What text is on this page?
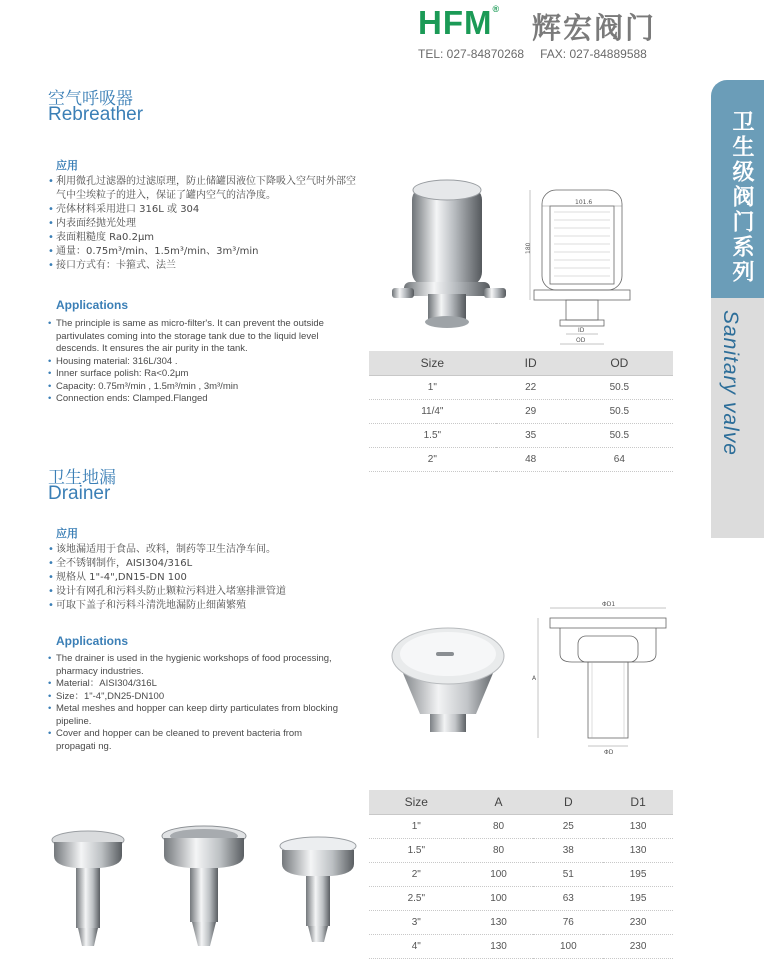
HFM®
辉宏阀门
TEL: 027-84870268 FAX: 027-84889588
卫生级阀门系列
Sanitary valve
空气呼吸器
Rebreather
应用
• 利用微孔过滤器的过滤原理，防止储罐因液位下降吸入空气时外部空气中尘埃粒子的进入，保证了罐内空气的洁净度。
• 壳体材料采用进口 316L 或 304
• 内表面经抛光处理
• 表面粗糙度 Ra0.2μm
• 通量：0.75m³/min、1.5m³/min、3m³/min
• 接口方式有：卡箍式、法兰
Applications
• The principle is same as micro-filter's. It can prevent the outside partivulates coming into the storage tank due to the liquid level descends. It ensures the air purity in the tank.
• Housing material: 316L/304 .
• Inner surface polish: Ra<0.2μm
• Capacity: 0.75m³/min , 1.5m³/min , 3m³/min
• Connection ends: Clamped.Flanged
101.6
180
ID
OD
Size	ID	OD
1"	22	50.5
11/4"	29	50.5
1.5"	35	50.5
2"	48	64
卫生地漏
Drainer
应用
• 该地漏适用于食品、改料，制药等卫生洁净车间。
• 全不锈钢制作，AISI304/316L
• 规格从 1"-4",DN15-DN 100
• 设计有网孔和污料头防止颗粒污料进入堵塞排泄管道
• 可取下盖子和污料斗清洗地漏防止细菌繁殖
Applications
• The drainer is used in the hygienic workshops of food processing, pharmacy industries.
• Material：AISI304/316L
• Size：1"-4",DN25-DN100
• Metal meshes and hopper can keep dirty particulates from blocking pipeline.
• Cover and hopper can be cleaned to prevent bacteria from propagati ng.
ΦD1
A
ΦD
Size	A	D	D1
1"	80	25	130
1.5"	80	38	130
2"	100	51	195
2.5"	100	63	195
3"	130	76	230
4"	130	100	230
